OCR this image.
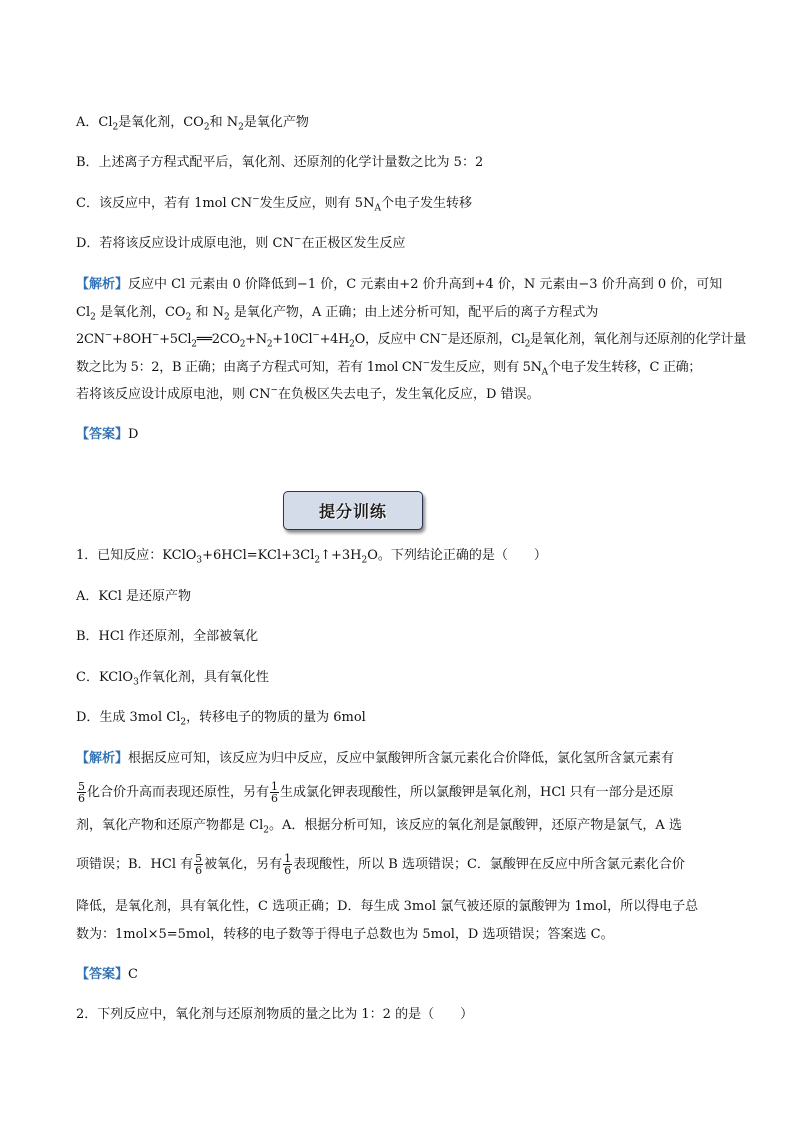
A．$Cl_2$是氧化剂，$CO_2$和 $N_2$是氧化产物
B．上述离子方程式配平后，氧化剂、还原剂的化学计量数之比为 5：2
C．该反应中，若有 1mol CN−发生反应，则有 $5N_A$个电子发生转移
D．若将该反应设计成原电池，则 CN−在正极区发生反应
【解析】反应中 Cl 元素由 0 价降低到−1 价，C 元素由+2 价升高到+4 价，N 元素由−3 价升高到 0 价，可知
$Cl_2$ 是氧化剂，$CO_2$ 和 $N_2$ 是氧化产物，A 正确；由上述分析可知，配平后的离子方程式为
$2CN^-+8OH^-+5Cl_2══2CO_2+N_2+10Cl^-+4H_2O$，反应中 CN−是还原剂，$Cl_2$是氧化剂，氧化剂与还原剂的化学计量
数之比为 5：2，B 正确；由离子方程式可知，若有 1mol CN−发生反应，则有 $5N_A$个电子发生转移，C 正确；
若将该反应设计成原电池，则 CN−在负极区失去电子，发生氧化反应，D 错误。
【答案】D
提分训练
1．已知反应：$KClO_3+6HCl=KCl+3Cl_2↑+3H_2O$。下列结论正确的是（　　）
A．KCl 是还原产物
B．HCl 作还原剂，全部被氧化
C．KClO$_3$作氧化剂，具有氧化性
D．生成 3mol $Cl_2$，转移电子的物质的量为 6mol
【解析】根据反应可知，该反应为归中反应，反应中氯酸钾所含氯元素化合价降低，氯化氢所含氯元素有
$\frac{5}{6}$ 化合价升高而表现还原性，另有 $\frac{1}{6}$ 生成氯化钾表现酸性，所以氯酸钾是氧化剂，HCl 只有一部分是还原
剂，氧化产物和还原产物都是 $Cl_2$。A．根据分析可知，该反应的氧化剂是氯酸钾，还原产物是氯气，A 选
项错误；B．HCl 有 $\frac{5}{6}$ 被氧化，另有 $\frac{1}{6}$ 表现酸性，所以 B 选项错误；C．氯酸钾在反应中所含氯元素化合价
降低，是氧化剂，具有氧化性，C 选项正确；D．每生成 3mol 氯气被还原的氯酸钾为 1mol，所以得电子总
数为：1mol×5=5mol，转移的电子数等于得电子总数也为 5mol，D 选项错误；答案选 C。
【答案】C
2．下列反应中，氧化剂与还原剂物质的量之比为 1：2 的是（　　）
